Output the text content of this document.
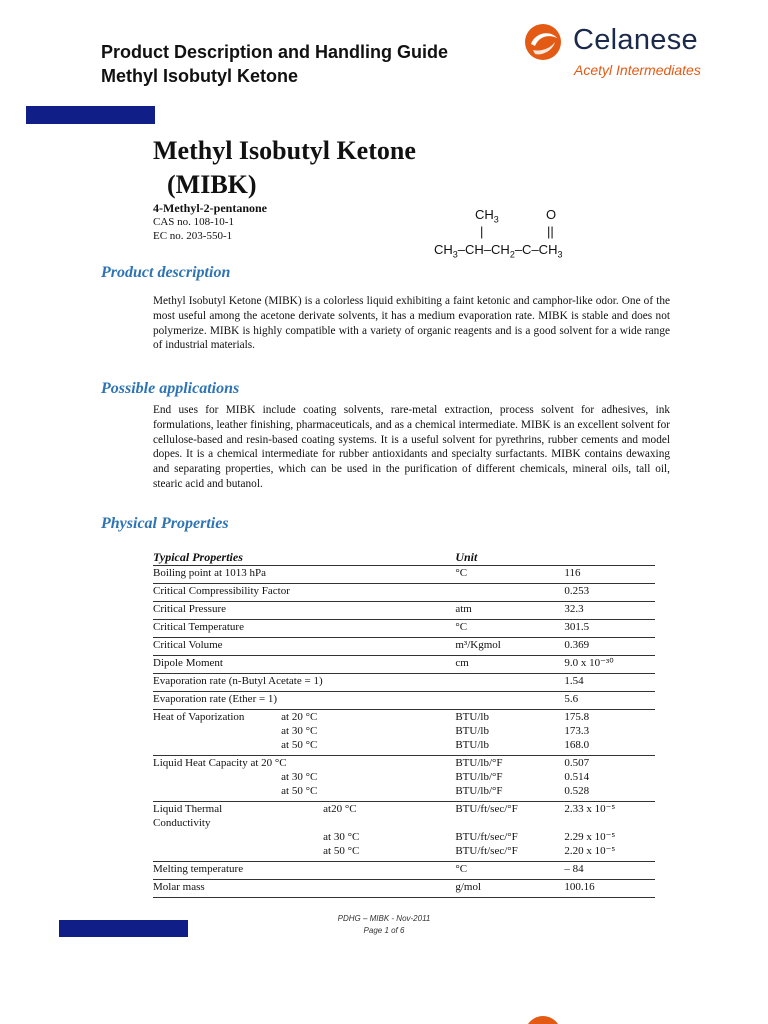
Product Description and Handling Guide
Methyl Isobutyl Ketone
Celanese
Acetyl Intermediates
Methyl Isobutyl Ketone
(MIBK)
4-Methyl-2-pentanone
CAS no. 108-10-1
EC no. 203-550-1
$CH_3$	O
|	||
$CH_3-CH-CH_2-C-CH_3$
Product description
Methyl Isobutyl Ketone (MIBK) is a colorless liquid exhibiting a faint ketonic and camphor-like odor. One of the most useful among the acetone derivate solvents, it has a medium evaporation rate. MIBK is stable and does not polymerize. MIBK is highly compatible with a variety of organic reagents and is a good solvent for a wide range of industrial materials.
Possible applications
End uses for MIBK include coating solvents, rare-metal extraction, process solvent for adhesives, ink formulations, leather finishing, pharmaceuticals, and as a chemical intermediate. MIBK is an excellent solvent for cellulose-based and resin-based coating systems. It is a useful solvent for pyrethrins, rubber cements and model dopes. It is a chemical intermediate for rubber antioxidants and specialty surfactants. MIBK contains dewaxing and separating properties, which can be used in the purification of different chemicals, mineral oils, tall oil, stearic acid and butanol.
Physical Properties
Typical Properties		Unit	
Boiling point at 1013 hPa		°C	116
Critical Compressibility Factor			0.253
Critical Pressure		atm	32.3
Critical Temperature		°C	301.5
Critical Volume		m³/Kgmol	0.369
Dipole Moment		cm	9.0 x 10⁻³⁰
Evaporation rate (n-Butyl Acetate = 1)			1.54
Evaporation rate (Ether = 1)			5.6
Heat of Vaporization	at 20 °C	BTU/lb	175.8
	at 30 °C	BTU/lb	173.3
	at 50 °C	BTU/lb	168.0
Liquid Heat Capacity at 20 °C		BTU/lb/°F	0.507
	at 30 °C	BTU/lb/°F	0.514
	at 50 °C	BTU/lb/°F	0.528
Liquid Thermal Conductivity	at20 °C	BTU/ft/sec/°F	2.33 x 10⁻⁵
	at 30 °C	BTU/ft/sec/°F	2.29 x 10⁻⁵
	at 50 °C	BTU/ft/sec/°F	2.20 x 10⁻⁵
Melting temperature		°C	– 84
Molar mass		g/mol	100.16
PDHG – MIBK - Nov-2011
Page 1 of 6
